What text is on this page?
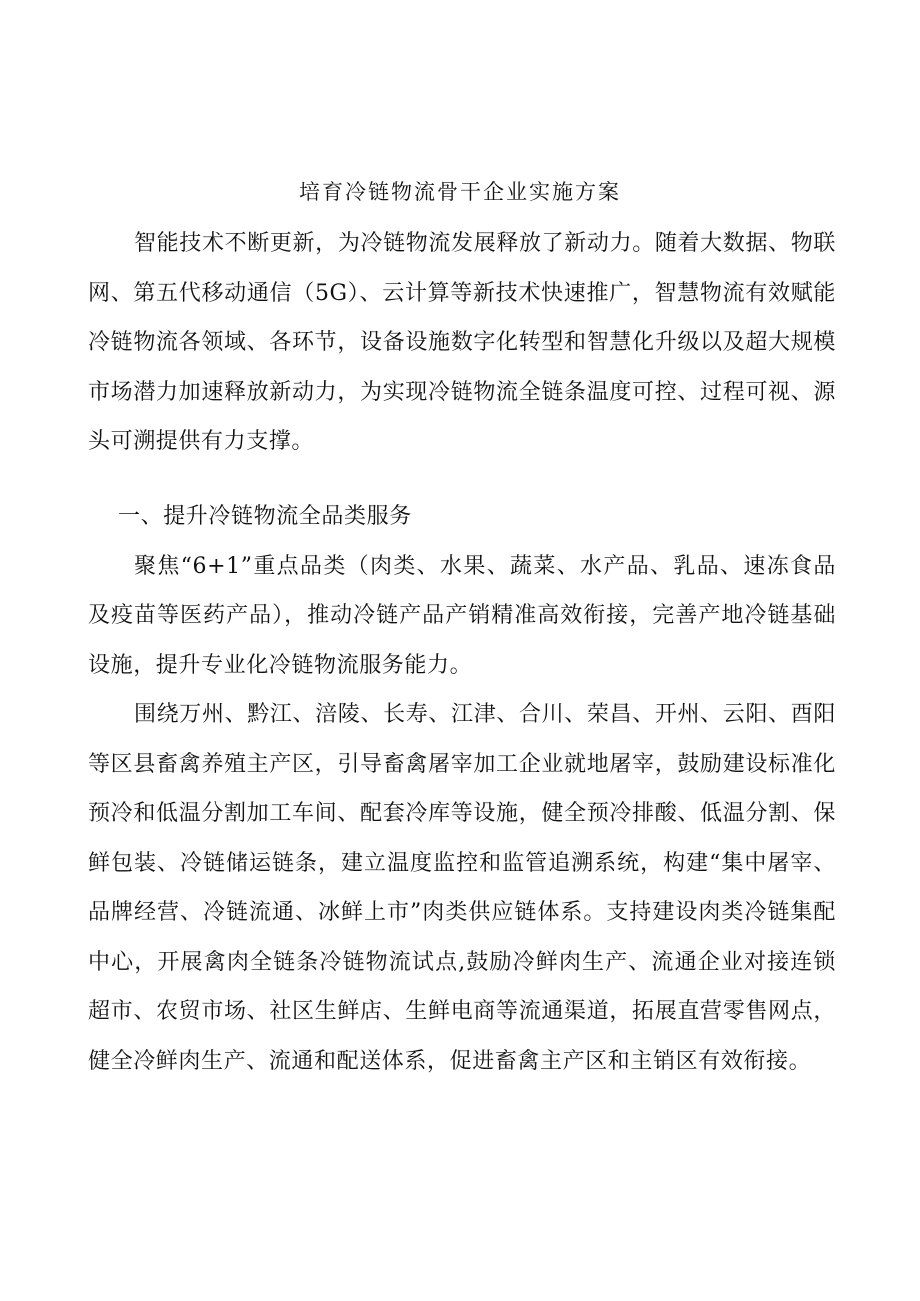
培育冷链物流骨干企业实施方案

智能技术不断更新，为冷链物流发展释放了新动力。随着大数据、物联网、第五代移动通信（5G）、云计算等新技术快速推广，智慧物流有效赋能冷链物流各领域、各环节，设备设施数字化转型和智慧化升级以及超大规模市场潜力加速释放新动力，为实现冷链物流全链条温度可控、过程可视、源头可溯提供有力支撑。

一、提升冷链物流全品类服务

聚焦“6+1”重点品类（肉类、水果、蔬菜、水产品、乳品、速冻食品及疫苗等医药产品），推动冷链产品产销精准高效衔接，完善产地冷链基础设施，提升专业化冷链物流服务能力。

围绕万州、黔江、涪陵、长寿、江津、合川、荣昌、开州、云阳、酉阳等区县畜禽养殖主产区，引导畜禽屠宰加工企业就地屠宰，鼓励建设标准化预冷和低温分割加工车间、配套冷库等设施，健全预冷排酸、低温分割、保鲜包装、冷链储运链条，建立温度监控和监管追溯系统，构建“集中屠宰、品牌经营、冷链流通、冰鲜上市”肉类供应链体系。支持建设肉类冷链集配中心，开展禽肉全链条冷链物流试点,鼓励冷鲜肉生产、流通企业对接连锁超市、农贸市场、社区生鲜店、生鲜电商等流通渠道，拓展直营零售网点，健全冷鲜肉生产、流通和配送体系，促进畜禽主产区和主销区有效衔接。
